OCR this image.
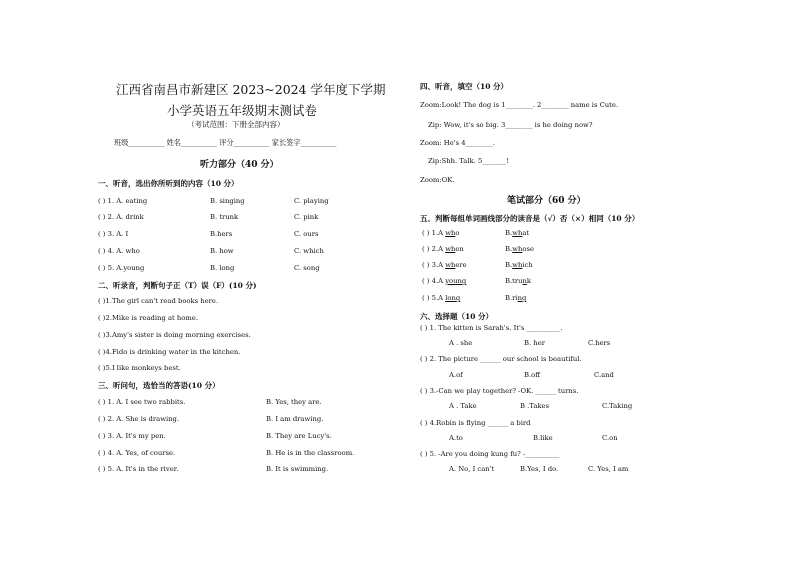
江西省南昌市新建区 2023~2024 学年度下学期
小学英语五年级期末测试卷
（考试范围：下册全部内容）
班级__________ 姓名__________ 评分__________ 家长签字__________
听力部分（40 分）
一、听音，选出你所听到的内容（10 分）
( ) 1. A. eating	B. singing	C. playing
( ) 2. A. drink	B. trunk	C. pink
( ) 3. A. I	B.hers	C. ours
( ) 4. A. who	B. how	C. which
( ) 5. A.young	B. long	C. song
二、听录音，判断句子正（T）误（F）(10 分)
( )1.The girl can't read books here.
( )2.Mike is reading at home.
( )3.Amy's sister is doing morning exercises.
( )4.Fido is drinking water in the kitchen.
( )5.I like monkeys best.
三、听问句，选恰当的答语(10 分）
( ) 1. A. I see two rabbits.	B. Yes, they are.
( ) 2. A. She is drawing.	B. I am drawing.
( ) 3. A. It's my pen.	B. They are Lucy's.
( ) 4. A. Yes, of course.	B. He is in the classroom.
( ) 5. A. It's in the river.	B. It is swimming.
四、听音，填空（10 分）
Zoom:Look! The dog is 1________. 2________ name is Cute.
Zip: Wow, it's so big. 3________ is he doing now?
Zoom: He's 4________.
Zip:Shh. Talk. 5_______!
Zoom:OK.
笔试部分（60 分）
五、判断每组单词画线部分的读音是（√）否（×）相同（10 分）
( ) 1.A who	B.what
( ) 2.A when	B.whose
( ) 3.A where	B.which
( ) 4.A young	B.trunk
( ) 5.A long	B.ring
六、选择题（10 分）
( ) 1. The kitten is Sarah's. It's __________.
A . she	B. her	C.hers
( ) 2. The picture ______ our school is beautiful.
A.of	B.off	C.and
( ) 3.-Can we play together? -OK. ______ turns.
A . Take	B .Takes	C.Taking
( ) 4.Robin is flying ______ a bird
A.to	B.like	C.on
( ) 5. -Are you doing kung fu? -__________
A. No, I can't	B.Yes, I do.	C. Yes, I am
